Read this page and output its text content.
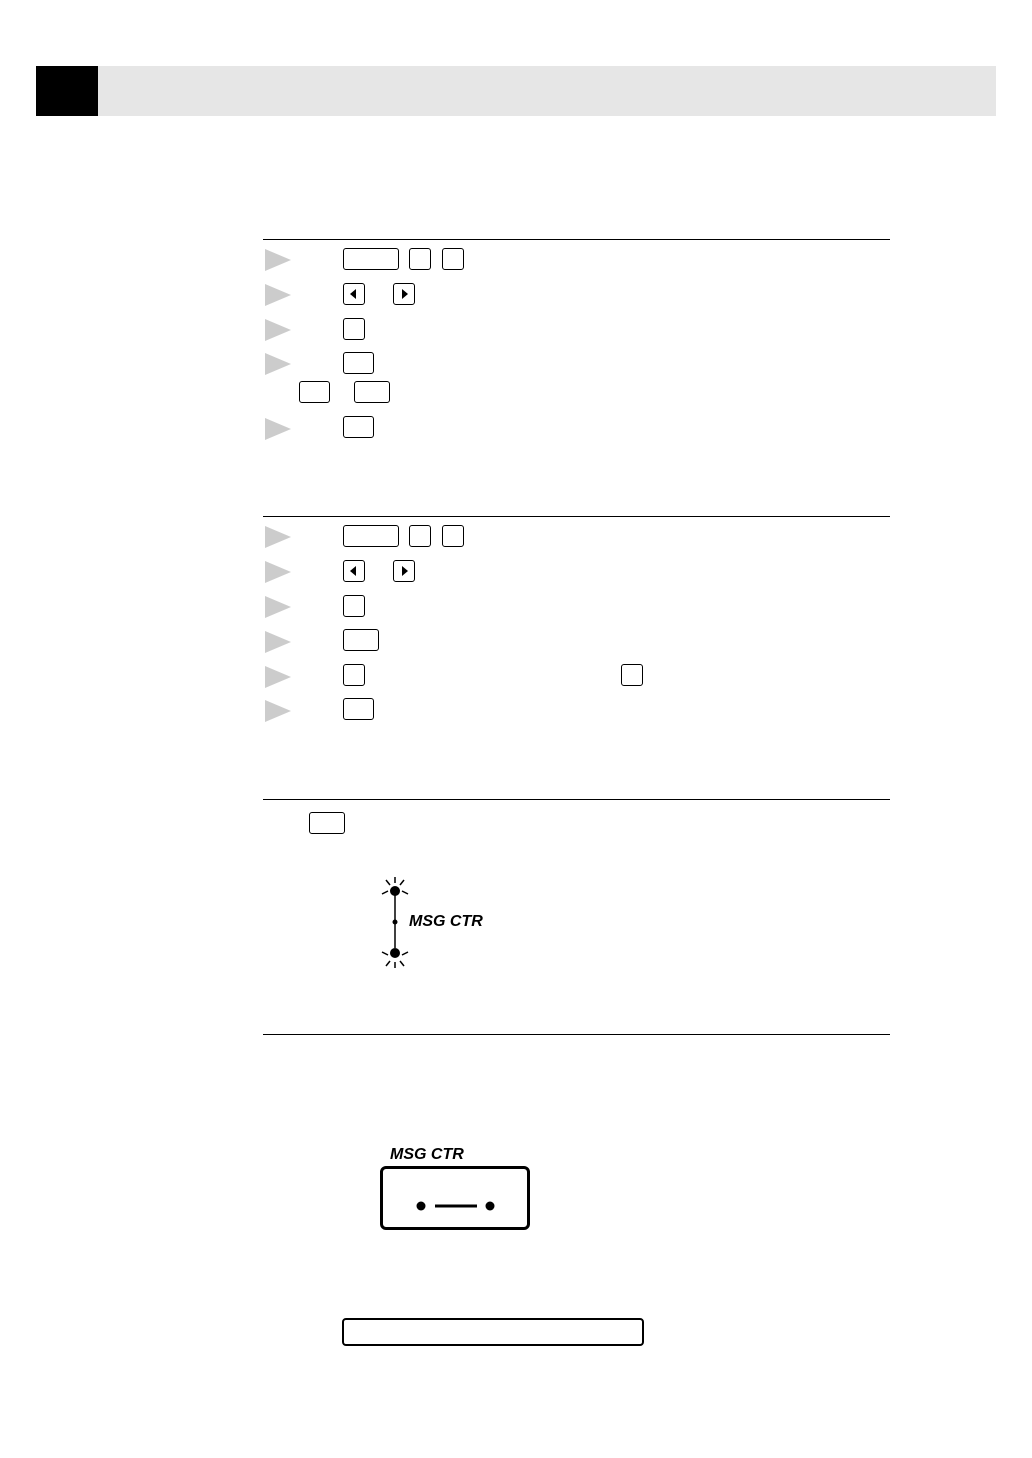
MSG CTR
MSG CTR
